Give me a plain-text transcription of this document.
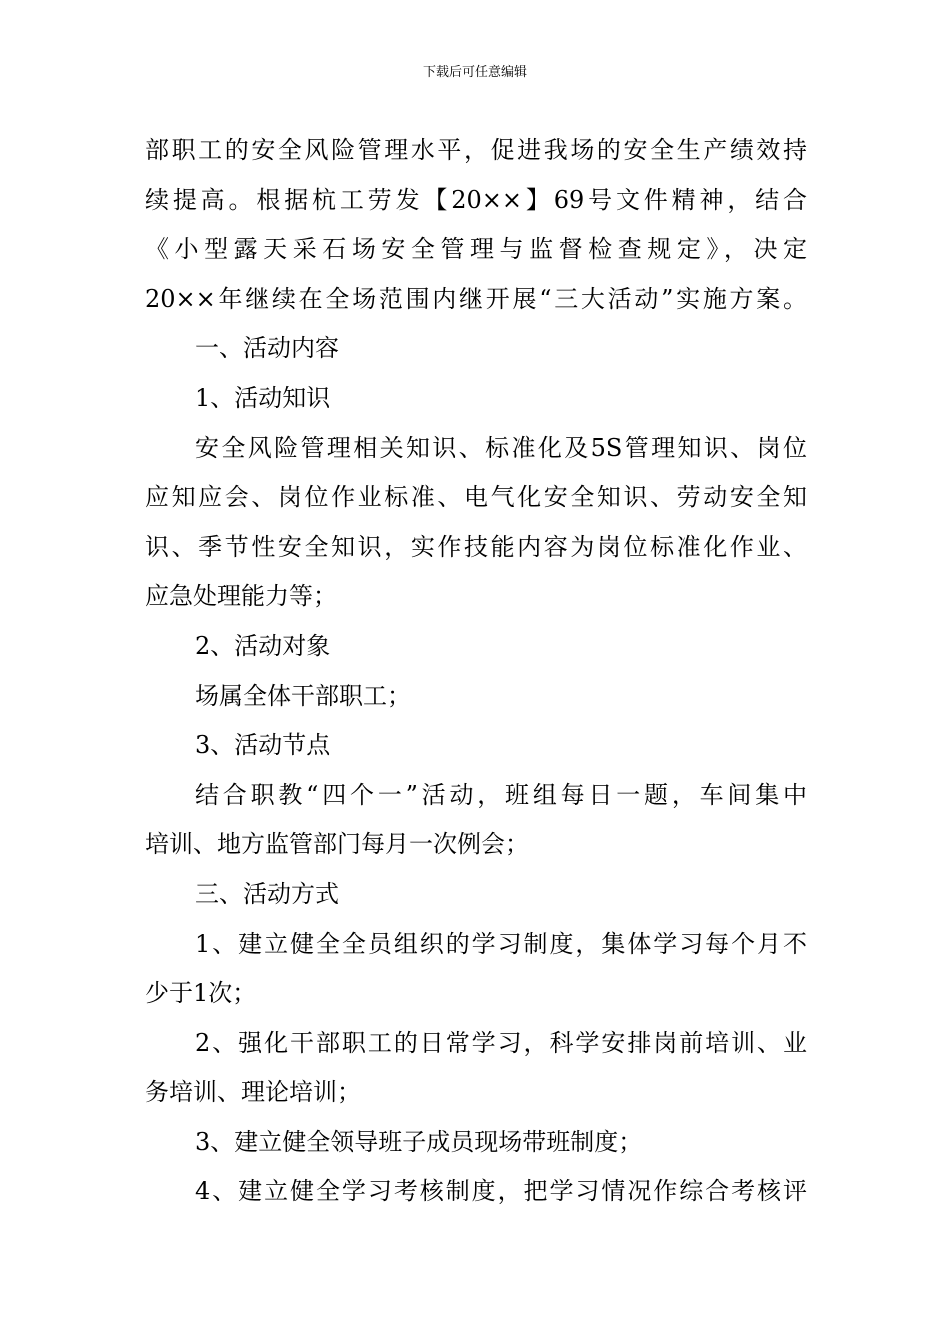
下载后可任意编辑
部职工的安全风险管理水平，促进我场的安全生产绩效持
续提高。根据杭工劳发【20××】69号文件精神，结合
《小型露天采石场安全管理与监督检查规定》，决定
20××年继续在全场范围内继开展“三大活动”实施方案。
一、活动内容
1、活动知识
安全风险管理相关知识、标准化及5S管理知识、岗位
应知应会、岗位作业标准、电气化安全知识、劳动安全知
识、季节性安全知识，实作技能内容为岗位标准化作业、
应急处理能力等；
2、活动对象
场属全体干部职工；
3、活动节点
结合职教“四个一”活动，班组每日一题，车间集中
培训、地方监管部门每月一次例会；
三、活动方式
1、建立健全全员组织的学习制度，集体学习每个月不
少于1次；
2、强化干部职工的日常学习，科学安排岗前培训、业
务培训、理论培训；
3、建立健全领导班子成员现场带班制度；
4、建立健全学习考核制度，把学习情况作综合考核评
